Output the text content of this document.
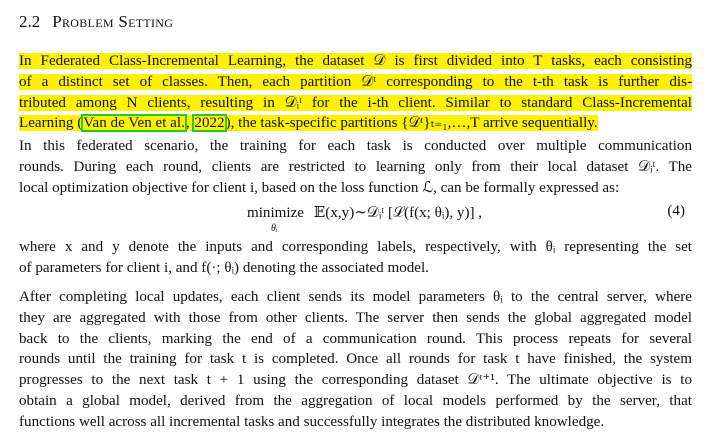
2.2 Problem Setting
In Federated Class-Incremental Learning, the dataset 𝒟 is first divided into T tasks, each consisting
of a distinct set of classes. Then, each partition 𝒟ᵗ corresponding to the t-th task is further dis-
tributed among N clients, resulting in 𝒟ᵢᵗ for the i-th client. Similar to standard Class-Incremental
Learning (Van de Ven et al., 2022), the task-specific partitions {𝒟ᵗ}ₜ₌₁,…,T arrive sequentially.
In this federated scenario, the training for each task is conducted over multiple communication
rounds. During each round, clients are restricted to learning only from their local dataset 𝒟ᵢᵗ. The
local optimization objective for client i, based on the loss function ℒ, can be formally expressed as:
minimize
θᵢ
𝔼(x,y)∼𝒟ᵢᵗ [ℒ(f(x; θᵢ), y)] ,	(4)
where x and y denote the inputs and corresponding labels, respectively, with θᵢ representing the set
of parameters for client i, and f(·; θᵢ) denoting the associated model.
After completing local updates, each client sends its model parameters θᵢ to the central server, where
they are aggregated with those from other clients. The server then sends the global aggregated model
back to the clients, marking the end of a communication round. This process repeats for several
rounds until the training for task t is completed. Once all rounds for task t have finished, the system
progresses to the next task t + 1 using the corresponding dataset 𝒟ᵗ⁺¹. The ultimate objective is to
obtain a global model, derived from the aggregation of local models performed by the server, that
functions well across all incremental tasks and successfully integrates the distributed knowledge.
